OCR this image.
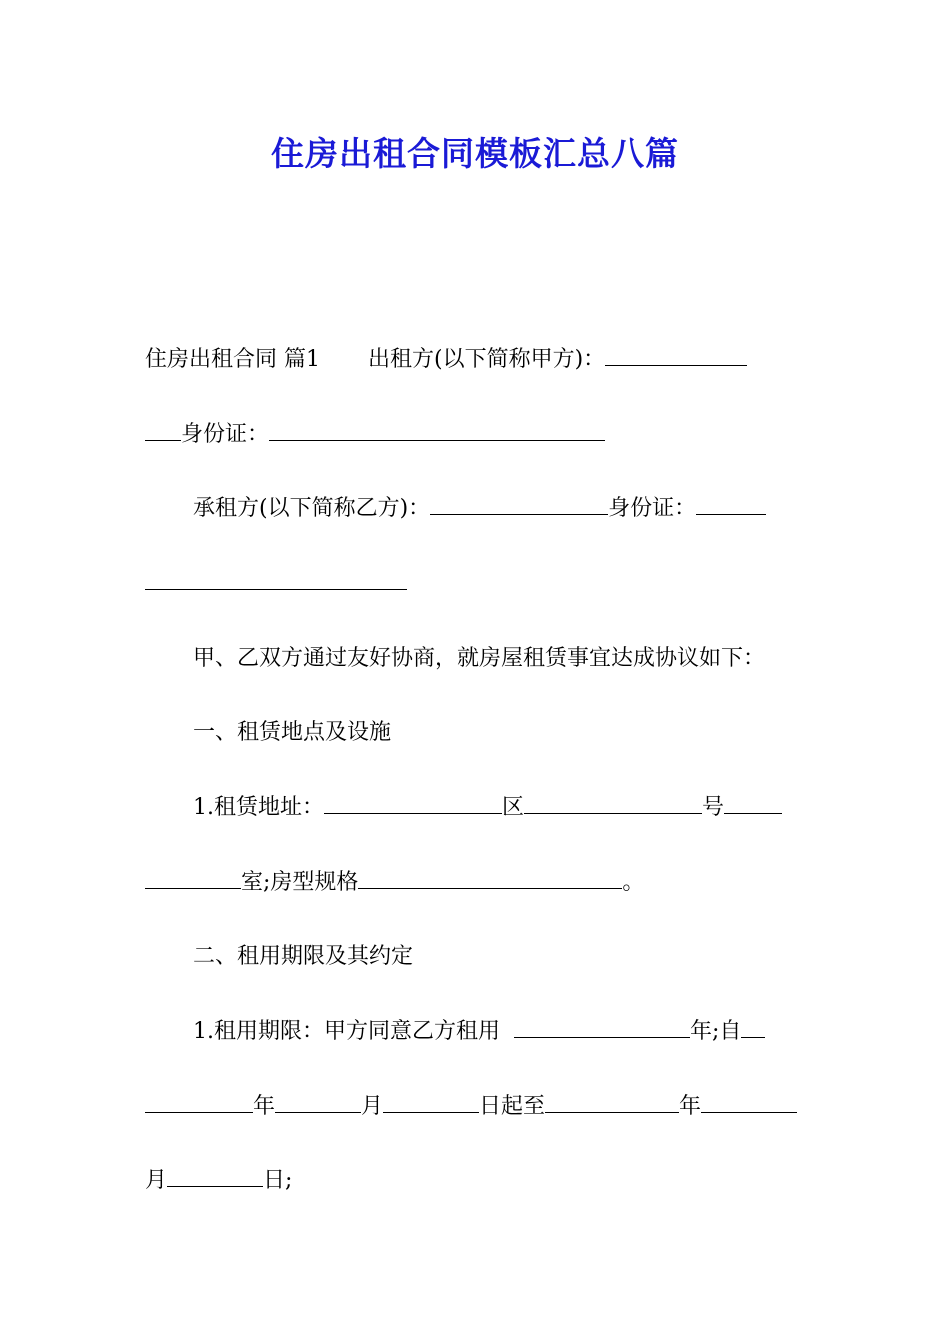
住房出租合同模板汇总八篇
住房出租合同 篇1 出租方(以下简称甲方)：
身份证：
承租方(以下简称乙方)：	身份证：
甲、乙双方通过友好协商，就房屋租赁事宜达成协议如下：
一、租赁地点及设施
1.租赁地址：	区	号
室;房型规格	。
二、租用期限及其约定
1.租用期限：甲方同意乙方租用	年;自
年	月	日起至	年
月	日;
